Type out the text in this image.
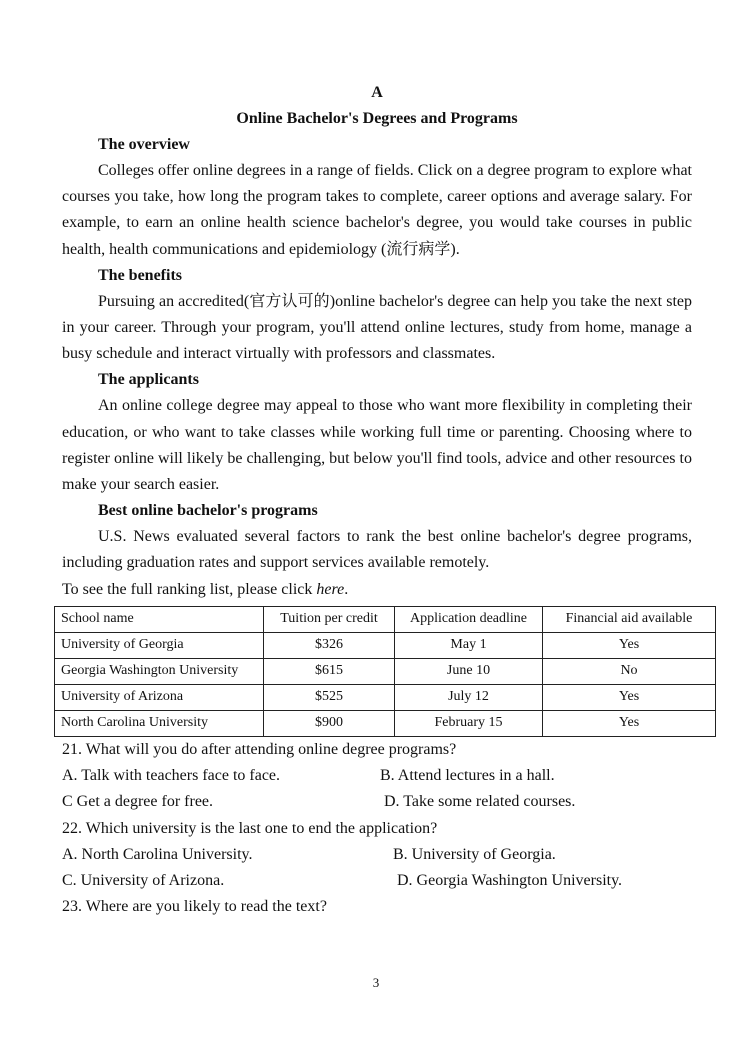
A
Online Bachelor's Degrees and Programs
The overview

Colleges offer online degrees in a range of fields. Click on a degree program to explore what courses you take, how long the program takes to complete, career options and average salary. For example, to earn an online health science bachelor's degree, you would take courses in public health, health communications and epidemiology (流行病学).

The benefits

Pursuing an accredited(官方认可的)online bachelor's degree can help you take the next step in your career. Through your program, you'll attend online lectures, study from home, manage a busy schedule and interact virtually with professors and classmates.

The applicants

An online college degree may appeal to those who want more flexibility in completing their education, or who want to take classes while working full time or parenting. Choosing where to register online will likely be challenging, but below you'll find tools, advice and other resources to make your search easier.

Best online bachelor's programs

U.S. News evaluated several factors to rank the best online bachelor's degree programs, including graduation rates and support services available remotely.

To see the full ranking list, please click here.

School name	Tuition per credit	Application deadline	Financial aid available
University of Georgia	$326	May 1	Yes
Georgia Washington University	$615	June 10	No
University of Arizona	$525	July 12	Yes
North Carolina University	$900	February 15	Yes

21. What will you do after attending online degree programs?

A. Talk with teachers face to face.	B. Attend lectures in a hall.
C Get a degree for free.	D. Take some related courses.

22. Which university is the last one to end the application?

A. North Carolina University.	B. University of Georgia.
C. University of Arizona.	D. Georgia Washington University.

23. Where are you likely to read the text?

3
